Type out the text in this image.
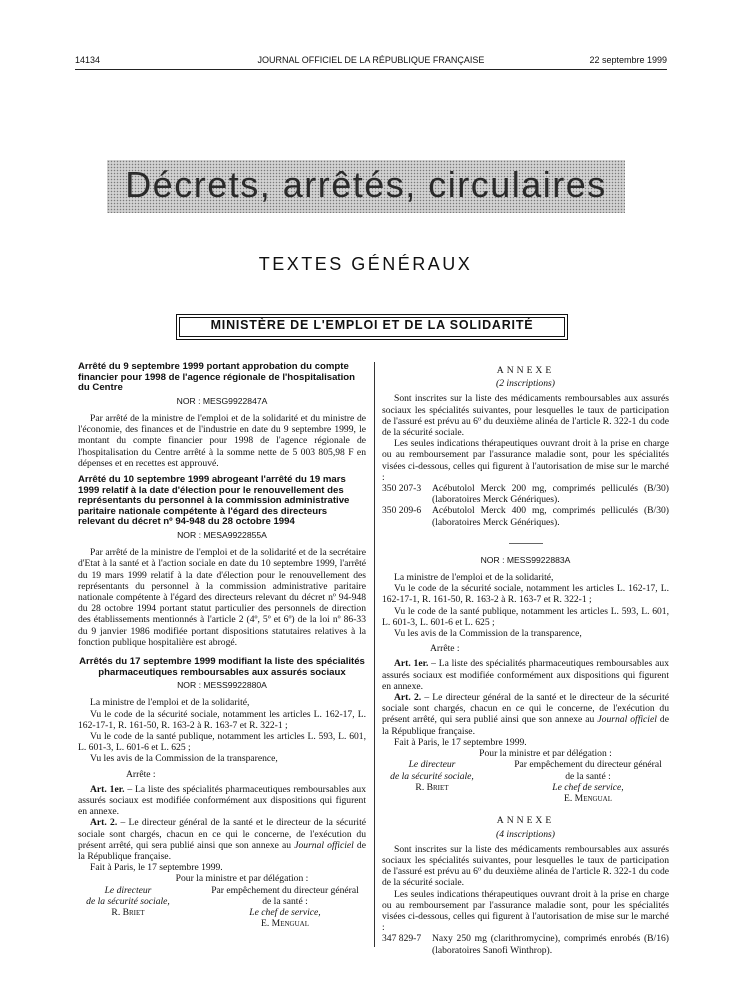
14134	JOURNAL OFFICIEL DE LA RÉPUBLIQUE FRANÇAISE	22 septembre 1999
Décrets, arrêtés, circulaires
TEXTES GÉNÉRAUX
MINISTÈRE DE L'EMPLOI ET DE LA SOLIDARITÉ

Arrêté du 9 septembre 1999 portant approbation du compte financier pour 1998 de l'agence régionale de l'hospitalisation du Centre

NOR : MESG9922847A

Par arrêté de la ministre de l'emploi et de la solidarité et du ministre de l'économie, des finances et de l'industrie en date du 9 septembre 1999, le montant du compte financier pour 1998 de l'agence régionale de l'hospitalisation du Centre arrêté à la somme nette de 5 003 805,98 F en dépenses et en recettes est approuvé.

Arrêté du 10 septembre 1999 abrogeant l'arrêté du 19 mars 1999 relatif à la date d'élection pour le renouvellement des représentants du personnel à la commission administrative paritaire nationale compétente à l'égard des directeurs relevant du décret nº 94-948 du 28 octobre 1994

NOR : MESA9922855A

Par arrêté de la ministre de l'emploi et de la solidarité et de la secrétaire d'Etat à la santé et à l'action sociale en date du 10 septembre 1999, l'arrêté du 19 mars 1999 relatif à la date d'élection pour le renouvellement des représentants du personnel à la commission administrative paritaire nationale compétente à l'égard des directeurs relevant du décret nº 94-948 du 28 octobre 1994 portant statut particulier des personnels de direction des établissements mentionnés à l'article 2 (4º, 5º et 6º) de la loi nº 86-33 du 9 janvier 1986 modifiée portant dispositions statutaires relatives à la fonction publique hospitalière est abrogé.

Arrêtés du 17 septembre 1999 modifiant la liste des spécialités pharmaceutiques remboursables aux assurés sociaux

NOR : MESS9922880A

La ministre de l'emploi et de la solidarité,

Vu le code de la sécurité sociale, notamment les articles L. 162-17, L. 162-17-1, R. 161-50, R. 163-2 à R. 163-7 et R. 322-1 ;

Vu le code de la santé publique, notamment les articles L. 593, L. 601, L. 601-3, L. 601-6 et L. 625 ;

Vu les avis de la Commission de la transparence,

Arrête :

Art. 1er. – La liste des spécialités pharmaceutiques remboursables aux assurés sociaux est modifiée conformément aux dispositions qui figurent en annexe.

Art. 2. – Le directeur général de la santé et le directeur de la sécurité sociale sont chargés, chacun en ce qui le concerne, de l'exécution du présent arrêté, qui sera publié ainsi que son annexe au Journal officiel de la République française.

Fait à Paris, le 17 septembre 1999.

Pour la ministre et par délégation :

Le directeur
de la sécurité sociale,
R. Briet
Par empêchement du directeur général
de la santé :
Le chef de service,
E. Mengual

ANNEXE

(2 inscriptions)

Sont inscrites sur la liste des médicaments remboursables aux assurés sociaux les spécialités suivantes, pour lesquelles le taux de participation de l'assuré est prévu au 6º du deuxième alinéa de l'article R. 322-1 du code de la sécurité sociale.

Les seules indications thérapeutiques ouvrant droit à la prise en charge ou au remboursement par l'assurance maladie sont, pour les spécialités visées ci-dessous, celles qui figurent à l'autorisation de mise sur le marché :

350 207-3	Acébutolol Merck 200 mg, comprimés pelliculés (B/30) (laboratoires Merck Génériques).
350 209-6	Acébutolol Merck 400 mg, comprimés pelliculés (B/30) (laboratoires Merck Génériques).

NOR : MESS9922883A

La ministre de l'emploi et de la solidarité,

Vu le code de la sécurité sociale, notamment les articles L. 162-17, L. 162-17-1, R. 161-50, R. 163-2 à R. 163-7 et R. 322-1 ;

Vu le code de la santé publique, notamment les articles L. 593, L. 601, L. 601-3, L. 601-6 et L. 625 ;

Vu les avis de la Commission de la transparence,

Arrête :

Art. 1er. – La liste des spécialités pharmaceutiques remboursables aux assurés sociaux est modifiée conformément aux dispositions qui figurent en annexe.

Art. 2. – Le directeur général de la santé et le directeur de la sécurité sociale sont chargés, chacun en ce qui le concerne, de l'exécution du présent arrêté, qui sera publié ainsi que son annexe au Journal officiel de la République française.

Fait à Paris, le 17 septembre 1999.

Pour la ministre et par délégation :

Le directeur
de la sécurité sociale,
R. Briet
Par empêchement du directeur général
de la santé :
Le chef de service,
E. Mengual

ANNEXE

(4 inscriptions)

Sont inscrites sur la liste des médicaments remboursables aux assurés sociaux les spécialités suivantes, pour lesquelles le taux de participation de l'assuré est prévu au 6º du deuxième alinéa de l'article R. 322-1 du code de la sécurité sociale.

Les seules indications thérapeutiques ouvrant droit à la prise en charge ou au remboursement par l'assurance maladie sont, pour les spécialités visées ci-dessous, celles qui figurent à l'autorisation de mise sur le marché :

347 829-7	Naxy 250 mg (clarithromycine), comprimés enrobés (B/16) (laboratoires Sanofi Winthrop).
